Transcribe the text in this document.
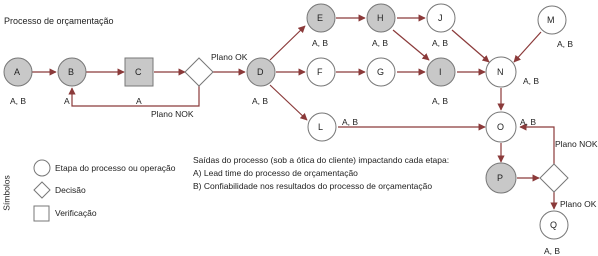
Processo de orçamentação
A	B	C	D
E
F	G
H
I
J
L
M
N
O
P
Q
A, B	A	A, B
A, B	A, B
A, B
A, B	A, B
A, B
A, B
Plano OK
A
Plano NOK
A, B	A, B
Plano NOK
Plano OK
Símbolos
Etapa do processo ou operação
Decisão
Verificação
Saídas do processo (sob a ótica do cliente) impactando cada etapa:
A) Lead time do processo de orçamentação
B) Confiabilidade nos resultados do processo de orçamentação
